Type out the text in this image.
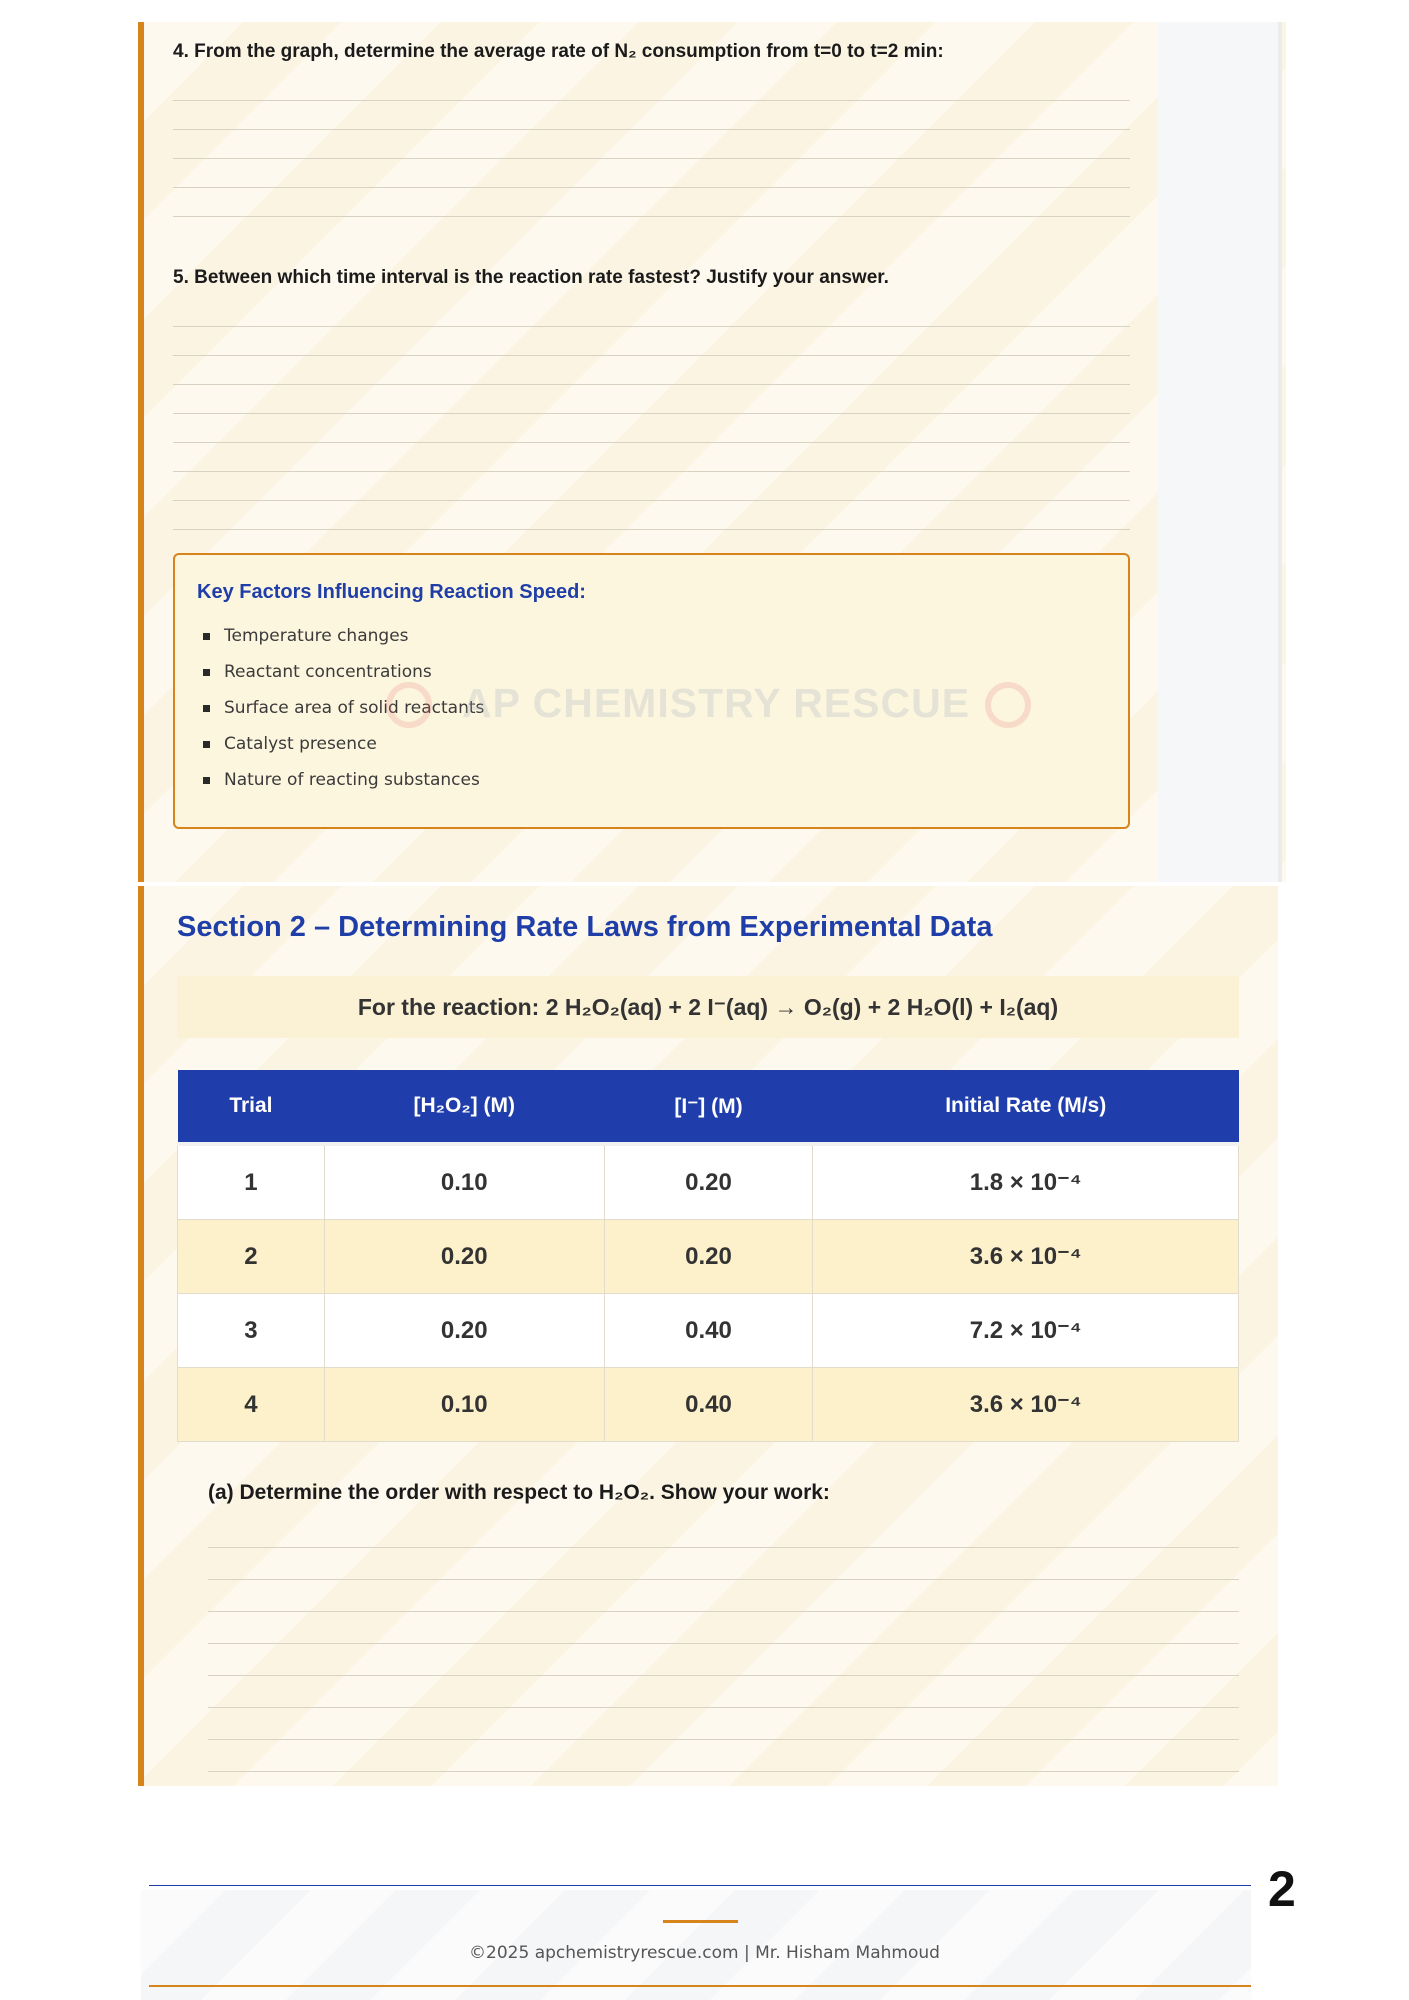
4. From the graph, determine the average rate of N₂ consumption from t=0 to t=2 min:
5. Between which time interval is the reaction rate fastest? Justify your answer.
Key Factors Influencing Reaction Speed:
Temperature changes
Reactant concentrations
Surface area of solid reactants
Catalyst presence
Nature of reacting substances
AP CHEMISTRY RESCUE
Section 2 – Determining Rate Laws from Experimental Data
For the reaction: 2 H₂O₂(aq) + 2 I⁻(aq) → O₂(g) + 2 H₂O(l) + I₂(aq)
Trial	[H₂O₂] (M)	[I⁻] (M)	Initial Rate (M/s)
1	0.10	0.20	1.8 × 10⁻⁴
2	0.20	0.20	3.6 × 10⁻⁴
3	0.20	0.40	7.2 × 10⁻⁴
4	0.10	0.40	3.6 × 10⁻⁴
(a) Determine the order with respect to H₂O₂. Show your work:
2
©2025 apchemistryrescue.com | Mr. Hisham Mahmoud
